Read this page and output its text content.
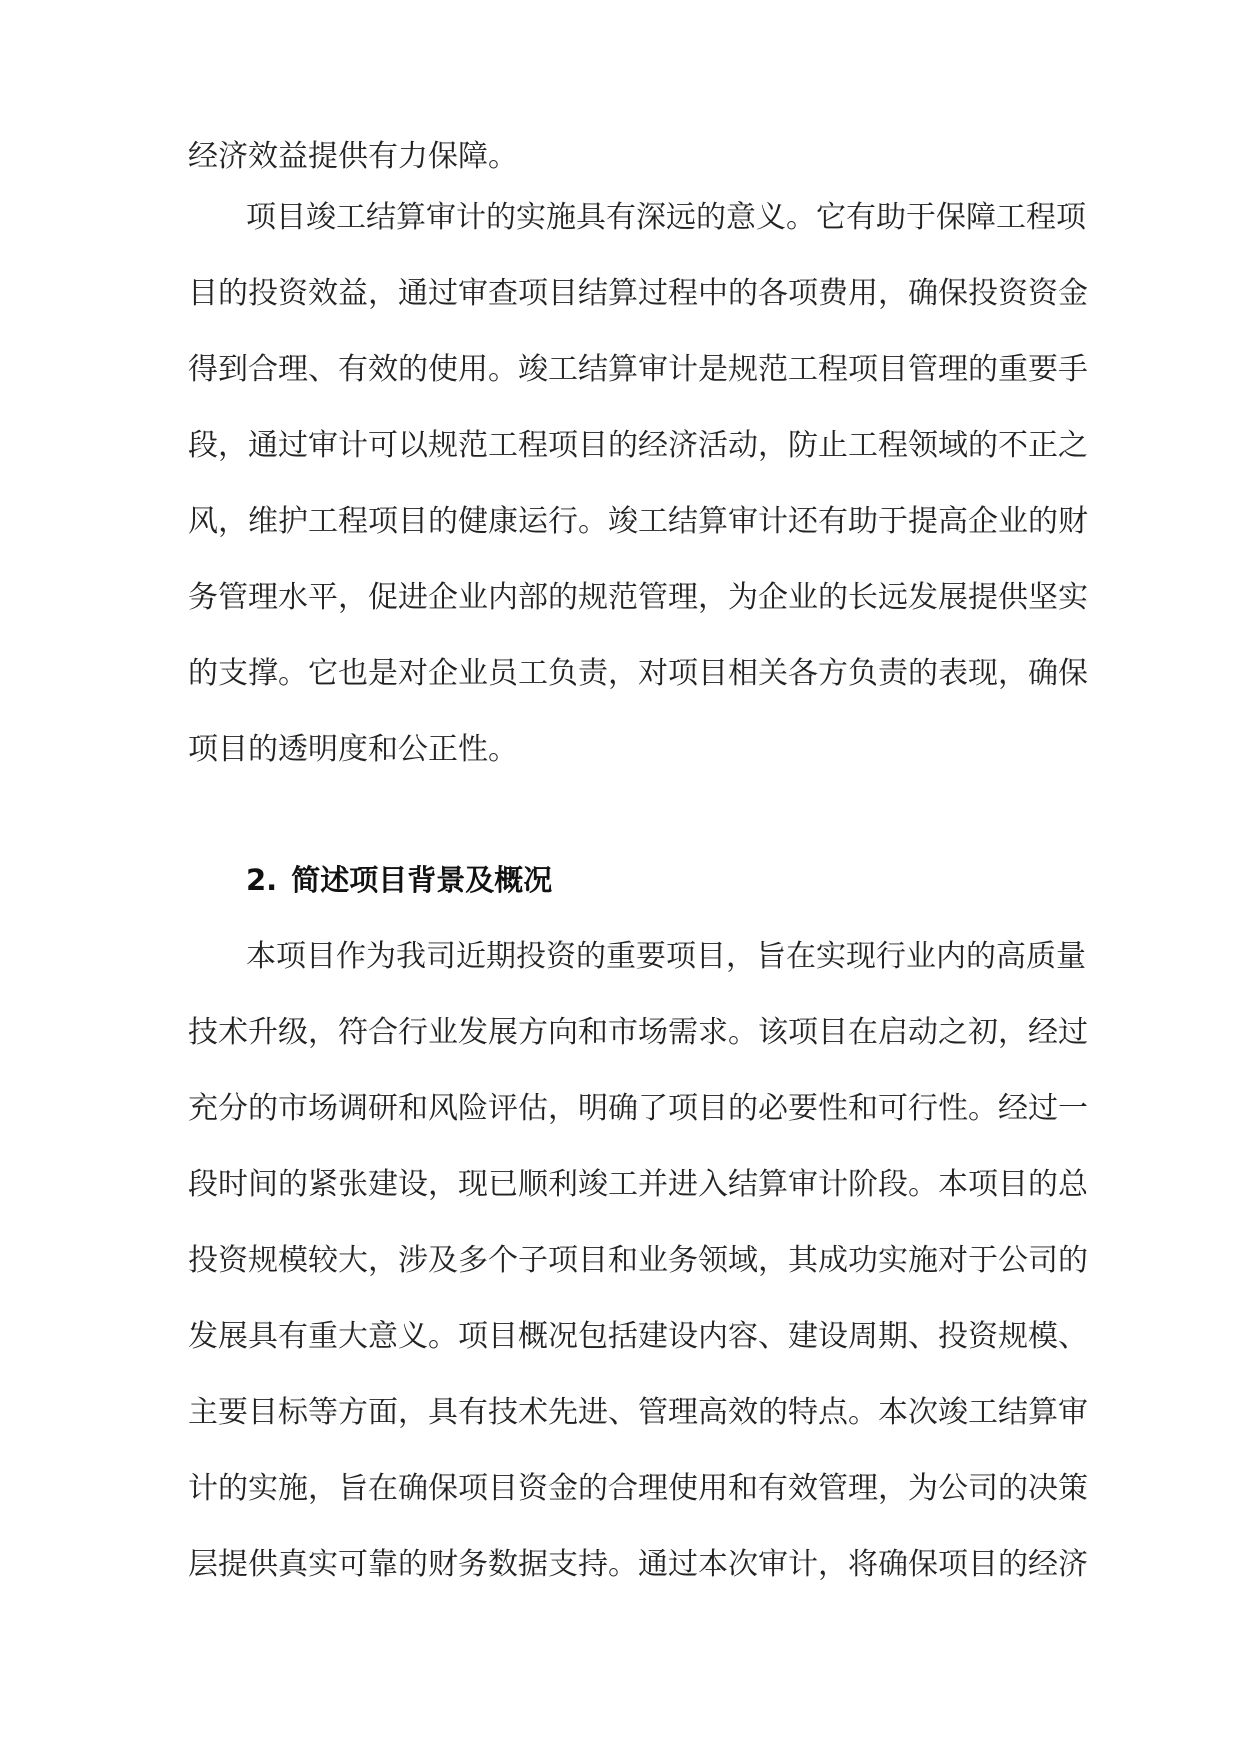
经济效益提供有力保障。
项目竣工结算审计的实施具有深远的意义。它有助于保障工程项
目的投资效益，通过审查项目结算过程中的各项费用，确保投资资金
得到合理、有效的使用。竣工结算审计是规范工程项目管理的重要手
段，通过审计可以规范工程项目的经济活动，防止工程领域的不正之
风，维护工程项目的健康运行。竣工结算审计还有助于提高企业的财
务管理水平，促进企业内部的规范管理，为企业的长远发展提供坚实
的支撑。它也是对企业员工负责，对项目相关各方负责的表现，确保
项目的透明度和公正性。
2. 简述项目背景及概况
本项目作为我司近期投资的重要项目，旨在实现行业内的高质量
技术升级，符合行业发展方向和市场需求。该项目在启动之初，经过
充分的市场调研和风险评估，明确了项目的必要性和可行性。经过一
段时间的紧张建设，现已顺利竣工并进入结算审计阶段。本项目的总
投资规模较大，涉及多个子项目和业务领域，其成功实施对于公司的
发展具有重大意义。项目概况包括建设内容、建设周期、投资规模、
主要目标等方面，具有技术先进、管理高效的特点。本次竣工结算审
计的实施，旨在确保项目资金的合理使用和有效管理，为公司的决策
层提供真实可靠的财务数据支持。通过本次审计，将确保项目的经济
